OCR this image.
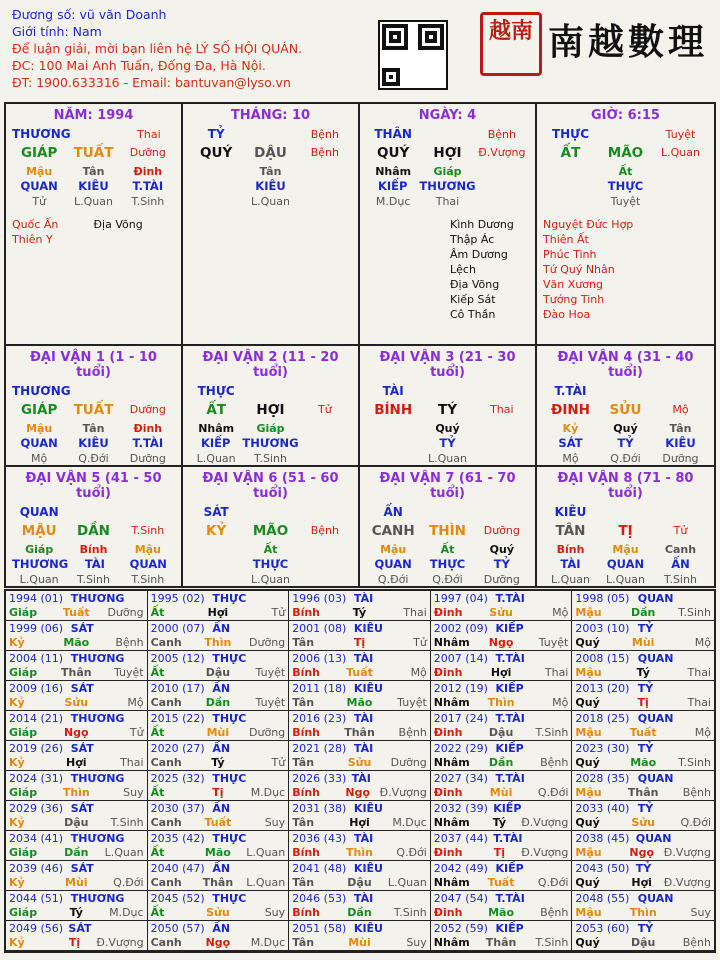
Đương số: vũ văn Doanh
Giới tính: Nam
Để luận giải, mời bạn liên hệ LÝ SỐ HỘI QUÁN.
ĐC: 100 Mai Anh Tuấn, Đống Đa, Hà Nội.
ĐT: 1900.633316 - Email: bantuvan@lyso.vn
越南 南越數理
NĂM: 1994
THƯƠNG	Thai
GIÁP	TUẤT	Dưỡng
Mậu	Tân	Đinh
QUAN	KIÊU	T.TÀI
Tử	L.Quan	T.Sinh
Quốc Ấn
Thiên Y
Địa Võng
THÁNG: 10
TỶ	Bệnh
QUÝ	DẬU	Bệnh
Tân
KIÊU
L.Quan
NGÀY: 4
THÂN	Bệnh
QUÝ	HỢI	Đ.Vượng
Nhâm	Giáp
KIẾP	THƯƠNG
M.Dục	Thai
Kình Dương
Thập Ác
Âm Dương Lệch
Địa Võng
Kiếp Sát
Cô Thần
GIỜ: 6:15
THỰC	Tuyệt
ẤT	MÃO	L.Quan
Ất
THỰC
Tuyệt
Nguyệt Đức Hợp
Thiên Ất
Phúc Tinh
Tứ Quý Nhân
Văn Xương
Tướng Tinh
Đào Hoa
ĐẠI VẬN 1 (1 - 10 tuổi)
THƯƠNG
GIÁP	TUẤT	Dưỡng
Mậu	Tân	Đinh
QUAN	KIÊU	T.TÀI
Mộ	Q.Đới	Dưỡng
ĐẠI VẬN 2 (11 - 20 tuổi)
THỰC
ẤT	HỢI	Tử
Nhâm	Giáp
KIẾP	THƯƠNG
L.Quan	T.Sinh
ĐẠI VẬN 3 (21 - 30 tuổi)
TÀI
BÍNH	TÝ	Thai
Quý
TỶ
L.Quan
ĐẠI VẬN 4 (31 - 40 tuổi)
T.TÀI
ĐINH	SỬU	Mộ
Kỷ	Quý	Tân
SÁT	TỶ	KIÊU
Mộ	Q.Đới	Dưỡng
ĐẠI VẬN 5 (41 - 50 tuổi)
QUAN
MẬU	DẦN	T.Sinh
Giáp	Bính	Mậu
THƯƠNG	TÀI	QUAN
L.Quan	T.Sinh	T.Sinh
ĐẠI VẬN 6 (51 - 60 tuổi)
SÁT
KỶ	MÃO	Bệnh
Ất
THỰC
L.Quan
ĐẠI VẬN 7 (61 - 70 tuổi)
ẤN
CANH	THÌN	Dưỡng
Mậu	Ất	Quý
QUAN	THỰC	TỶ
Q.Đới	Q.Đới	Dưỡng
ĐẠI VẬN 8 (71 - 80 tuổi)
KIÊU
TÂN	TỊ	Tử
Bính	Mậu	Canh
TÀI	QUAN	ẤN
L.Quan	L.Quan	T.Sinh
1994 (01) THƯƠNG
Giáp	Tuất	Dưỡng
1995 (02) THỰC
Ất	Hợi	Tử
1996 (03) TÀI
Bính	Tý	Thai
1997 (04) T.TÀI
Đinh	Sửu	Mộ
1998 (05) QUAN
Mậu	Dần	T.Sinh
1999 (06) SÁT
Kỷ	Mão	Bệnh
2000 (07) ẤN
Canh	Thìn	Dưỡng
2001 (08) KIÊU
Tân	Tị	Tử
2002 (09) KIẾP
Nhâm	Ngọ	Tuyệt
2003 (10) TỶ
Quý	Mùi	Mộ
2004 (11) THƯƠNG
Giáp	Thân	Tuyệt
2005 (12) THỰC
Ất	Dậu	Tuyệt
2006 (13) TÀI
Bính	Tuất	Mộ
2007 (14) T.TÀI
Đinh	Hợi	Thai
2008 (15) QUAN
Mậu	Tý	Thai
2009 (16) SÁT
Kỷ	Sửu	Mộ
2010 (17) ẤN
Canh	Dần	Tuyệt
2011 (18) KIÊU
Tân	Mão	Tuyệt
2012 (19) KIẾP
Nhâm	Thìn	Mộ
2013 (20) TỶ
Quý	Tị	Thai
2014 (21) THƯƠNG
Giáp	Ngọ	Tử
2015 (22) THỰC
Ất	Mùi	Dưỡng
2016 (23) TÀI
Bính	Thân	Bệnh
2017 (24) T.TÀI
Đinh	Dậu	T.Sinh
2018 (25) QUAN
Mậu	Tuất	Mộ
2019 (26) SÁT
Kỷ	Hợi	Thai
2020 (27) ẤN
Canh	Tý	Tử
2021 (28) TÀI
Tân	Sửu	Dưỡng
2022 (29) KIẾP
Nhâm	Dần	Bệnh
2023 (30) TỶ
Quý	Mão	T.Sinh
2024 (31) THƯƠNG
Giáp	Thìn	Suy
2025 (32) THỰC
Ất	Tị	M.Dục
2026 (33) TÀI
Bính	Ngọ Đ.Vượng
2027 (34) T.TÀI
Đinh	Mùi	Q.Đới
2028 (35) QUAN
Mậu	Thân	Bệnh
2029 (36) SÁT
Kỷ	Dậu	T.Sinh
2030 (37) ẤN
Canh	Tuất	Suy
2031 (38) KIÊU
Tân	Hợi	M.Dục
2032 (39) KIẾP
Nhâm	Tý	Đ.Vượng
2033 (40) TỶ
Quý	Sửu	Q.Đới
2034 (41) THƯƠNG
Giáp	Dần	L.Quan
2035 (42) THỰC
Ất	Mão	L.Quan
2036 (43) TÀI
Bính	Thìn	Q.Đới
2037 (44) T.TÀI
Đinh	Tị	Đ.Vượng
2038 (45) QUAN
Mậu	Ngọ Đ.Vượng
2039 (46) SÁT
Kỷ	Mùi	Q.Đới
2040 (47) ẤN
Canh	Thân	L.Quan
2041 (48) KIÊU
Tân	Dậu	L.Quan
2042 (49) KIẾP
Nhâm	Tuất	Q.Đới
2043 (50) TỶ
Quý	Hợi	Đ.Vượng
2044 (51) THƯƠNG
Giáp	Tý	M.Dục
2045 (52) THỰC
Ất	Sửu	Suy
2046 (53) TÀI
Bính	Dần	T.Sinh
2047 (54) T.TÀI
Đinh	Mão	Bệnh
2048 (55) QUAN
Mậu	Thìn	Suy
2049 (56) SÁT
Kỷ	Tị	Đ.Vượng
2050 (57) ẤN
Canh	Ngọ	M.Dục
2051 (58) KIÊU
Tân	Mùi	Suy
2052 (59) KIẾP
Nhâm	Thân	T.Sinh
2053 (60) TỶ
Quý	Dậu	Bệnh
